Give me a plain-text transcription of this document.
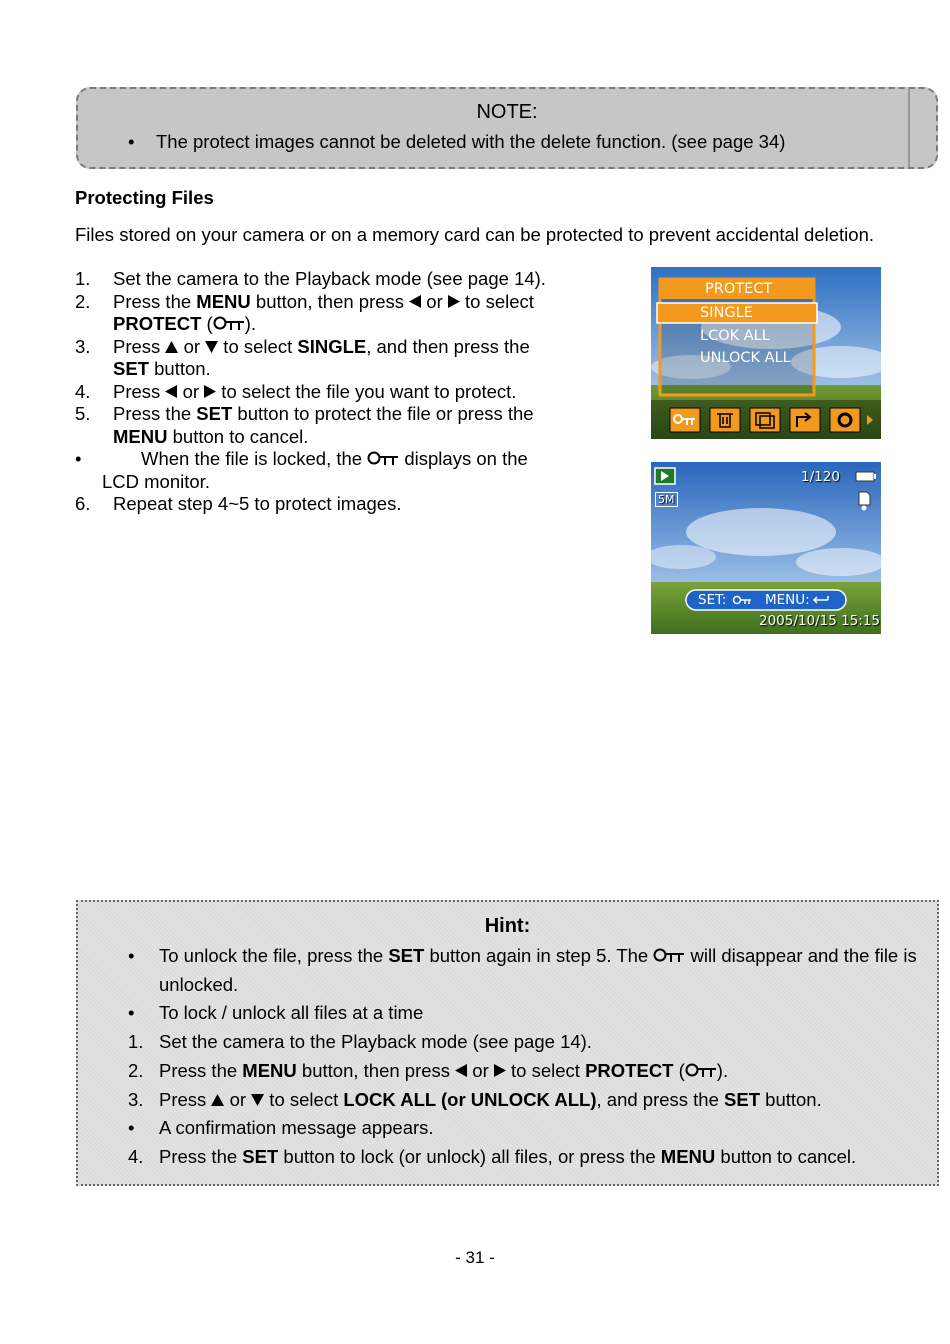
NOTE:
• The protect images cannot be deleted with the delete function. (see page 34)
Protecting Files
Files stored on your camera or on a memory card can be protected to prevent accidental deletion.
1. Set the camera to the Playback mode (see page 14).
2. Press the MENU button, then press
or
to select
PROTECT ( ).
3. Press
or
to select SINGLE, and then press the
SET button.
4. Press
or
to select the file you want to protect.
5. Press the SET button to protect the file or press the
MENU button to cancel.
•	When the file is locked, the
displays on the
LCD monitor.
6. Repeat step 4~5 to protect images.
PROTECT
SINGLE
LCOK ALL
UNLOCK ALL
1/120
5M
SET:	MENU:
2005/10/15 15:15
Hint:
• To unlock the file, press the SET button again in step 5. The
will disappear and the file is unlocked.
• To lock / unlock all files at a time
1. Set the camera to the Playback mode (see page 14).
2. Press the MENU button, then press
or
to select PROTECT ( ).
3. Press
or
to select LOCK ALL (or UNLOCK ALL), and press the SET button.
• A confirmation message appears.
4. Press the SET button to lock (or unlock) all files, or press the MENU button to cancel.
- 31 -
